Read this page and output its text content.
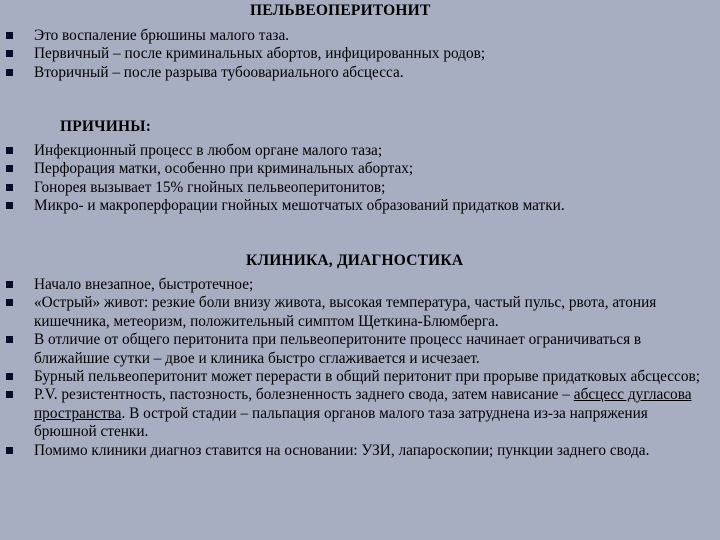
ПЕЛЬВЕОПЕРИТОНИТ
Это воспаление брюшины малого таза.
Первичный – после криминальных абортов, инфицированных родов;
Вторичный – после разрыва тубоовариального абсцесса.
ПРИЧИНЫ:
Инфекционный процесс в любом органе малого таза;
Перфорация матки, особенно при криминальных абортах;
Гонорея вызывает 15% гнойных пельвеоперитонитов;
Микро- и макроперфорации гнойных мешотчатых образований придатков матки.
КЛИНИКА, ДИАГНОСТИКА
Начало внезапное, быстротечное;
«Острый» живот: резкие боли внизу живота, высокая температура, частый пульс, рвота, атония кишечника, метеоризм, положительный симптом Щеткина-Блюмберга.
В отличие от общего перитонита при пельвеоперитоните процесс начинает ограничиваться в ближайшие сутки – двое и клиника быстро сглаживается и исчезает.
Бурный пельвеоперитонит может перерасти в общий перитонит при прорыве придатковых абсцессов;
P.V. резистентность, пастозность, болезненность заднего свода, затем нависание – абсцесс дугласова пространства. В острой стадии – пальпация органов малого таза затруднена из-за напряжения брюшной стенки.
Помимо клиники диагноз ставится на основании: УЗИ, лапароскопии; пункции заднего свода.
